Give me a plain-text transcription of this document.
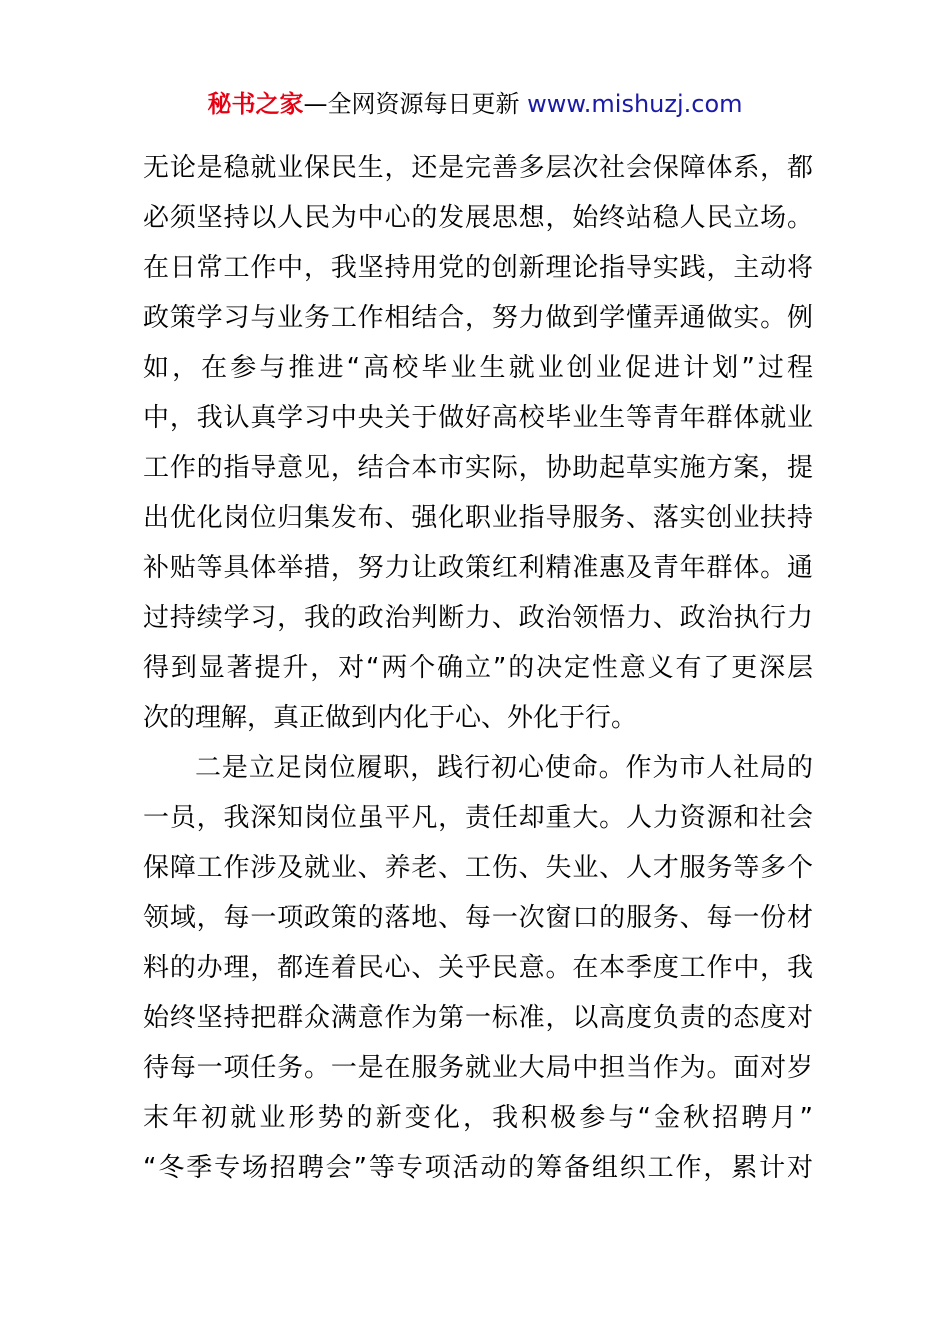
秘书之家—全网资源每日更新 www.mishuzj.com
无论是稳就业保民生，还是完善多层次社会保障体系，都
必须坚持以人民为中心的发展思想，始终站稳人民立场。
在日常工作中，我坚持用党的创新理论指导实践，主动将
政策学习与业务工作相结合，努力做到学懂弄通做实。例
如，在参与推进“高校毕业生就业创业促进计划”过程
中，我认真学习中央关于做好高校毕业生等青年群体就业
工作的指导意见，结合本市实际，协助起草实施方案，提
出优化岗位归集发布、强化职业指导服务、落实创业扶持
补贴等具体举措，努力让政策红利精准惠及青年群体。通
过持续学习，我的政治判断力、政治领悟力、政治执行力
得到显著提升，对“两个确立”的决定性意义有了更深层
次的理解，真正做到内化于心、外化于行。
二是立足岗位履职，践行初心使命。作为市人社局的
一员，我深知岗位虽平凡，责任却重大。人力资源和社会
保障工作涉及就业、养老、工伤、失业、人才服务等多个
领域，每一项政策的落地、每一次窗口的服务、每一份材
料的办理，都连着民心、关乎民意。在本季度工作中，我
始终坚持把群众满意作为第一标准，以高度负责的态度对
待每一项任务。一是在服务就业大局中担当作为。面对岁
末年初就业形势的新变化，我积极参与“金秋招聘月”
“冬季专场招聘会”等专项活动的筹备组织工作，累计对
